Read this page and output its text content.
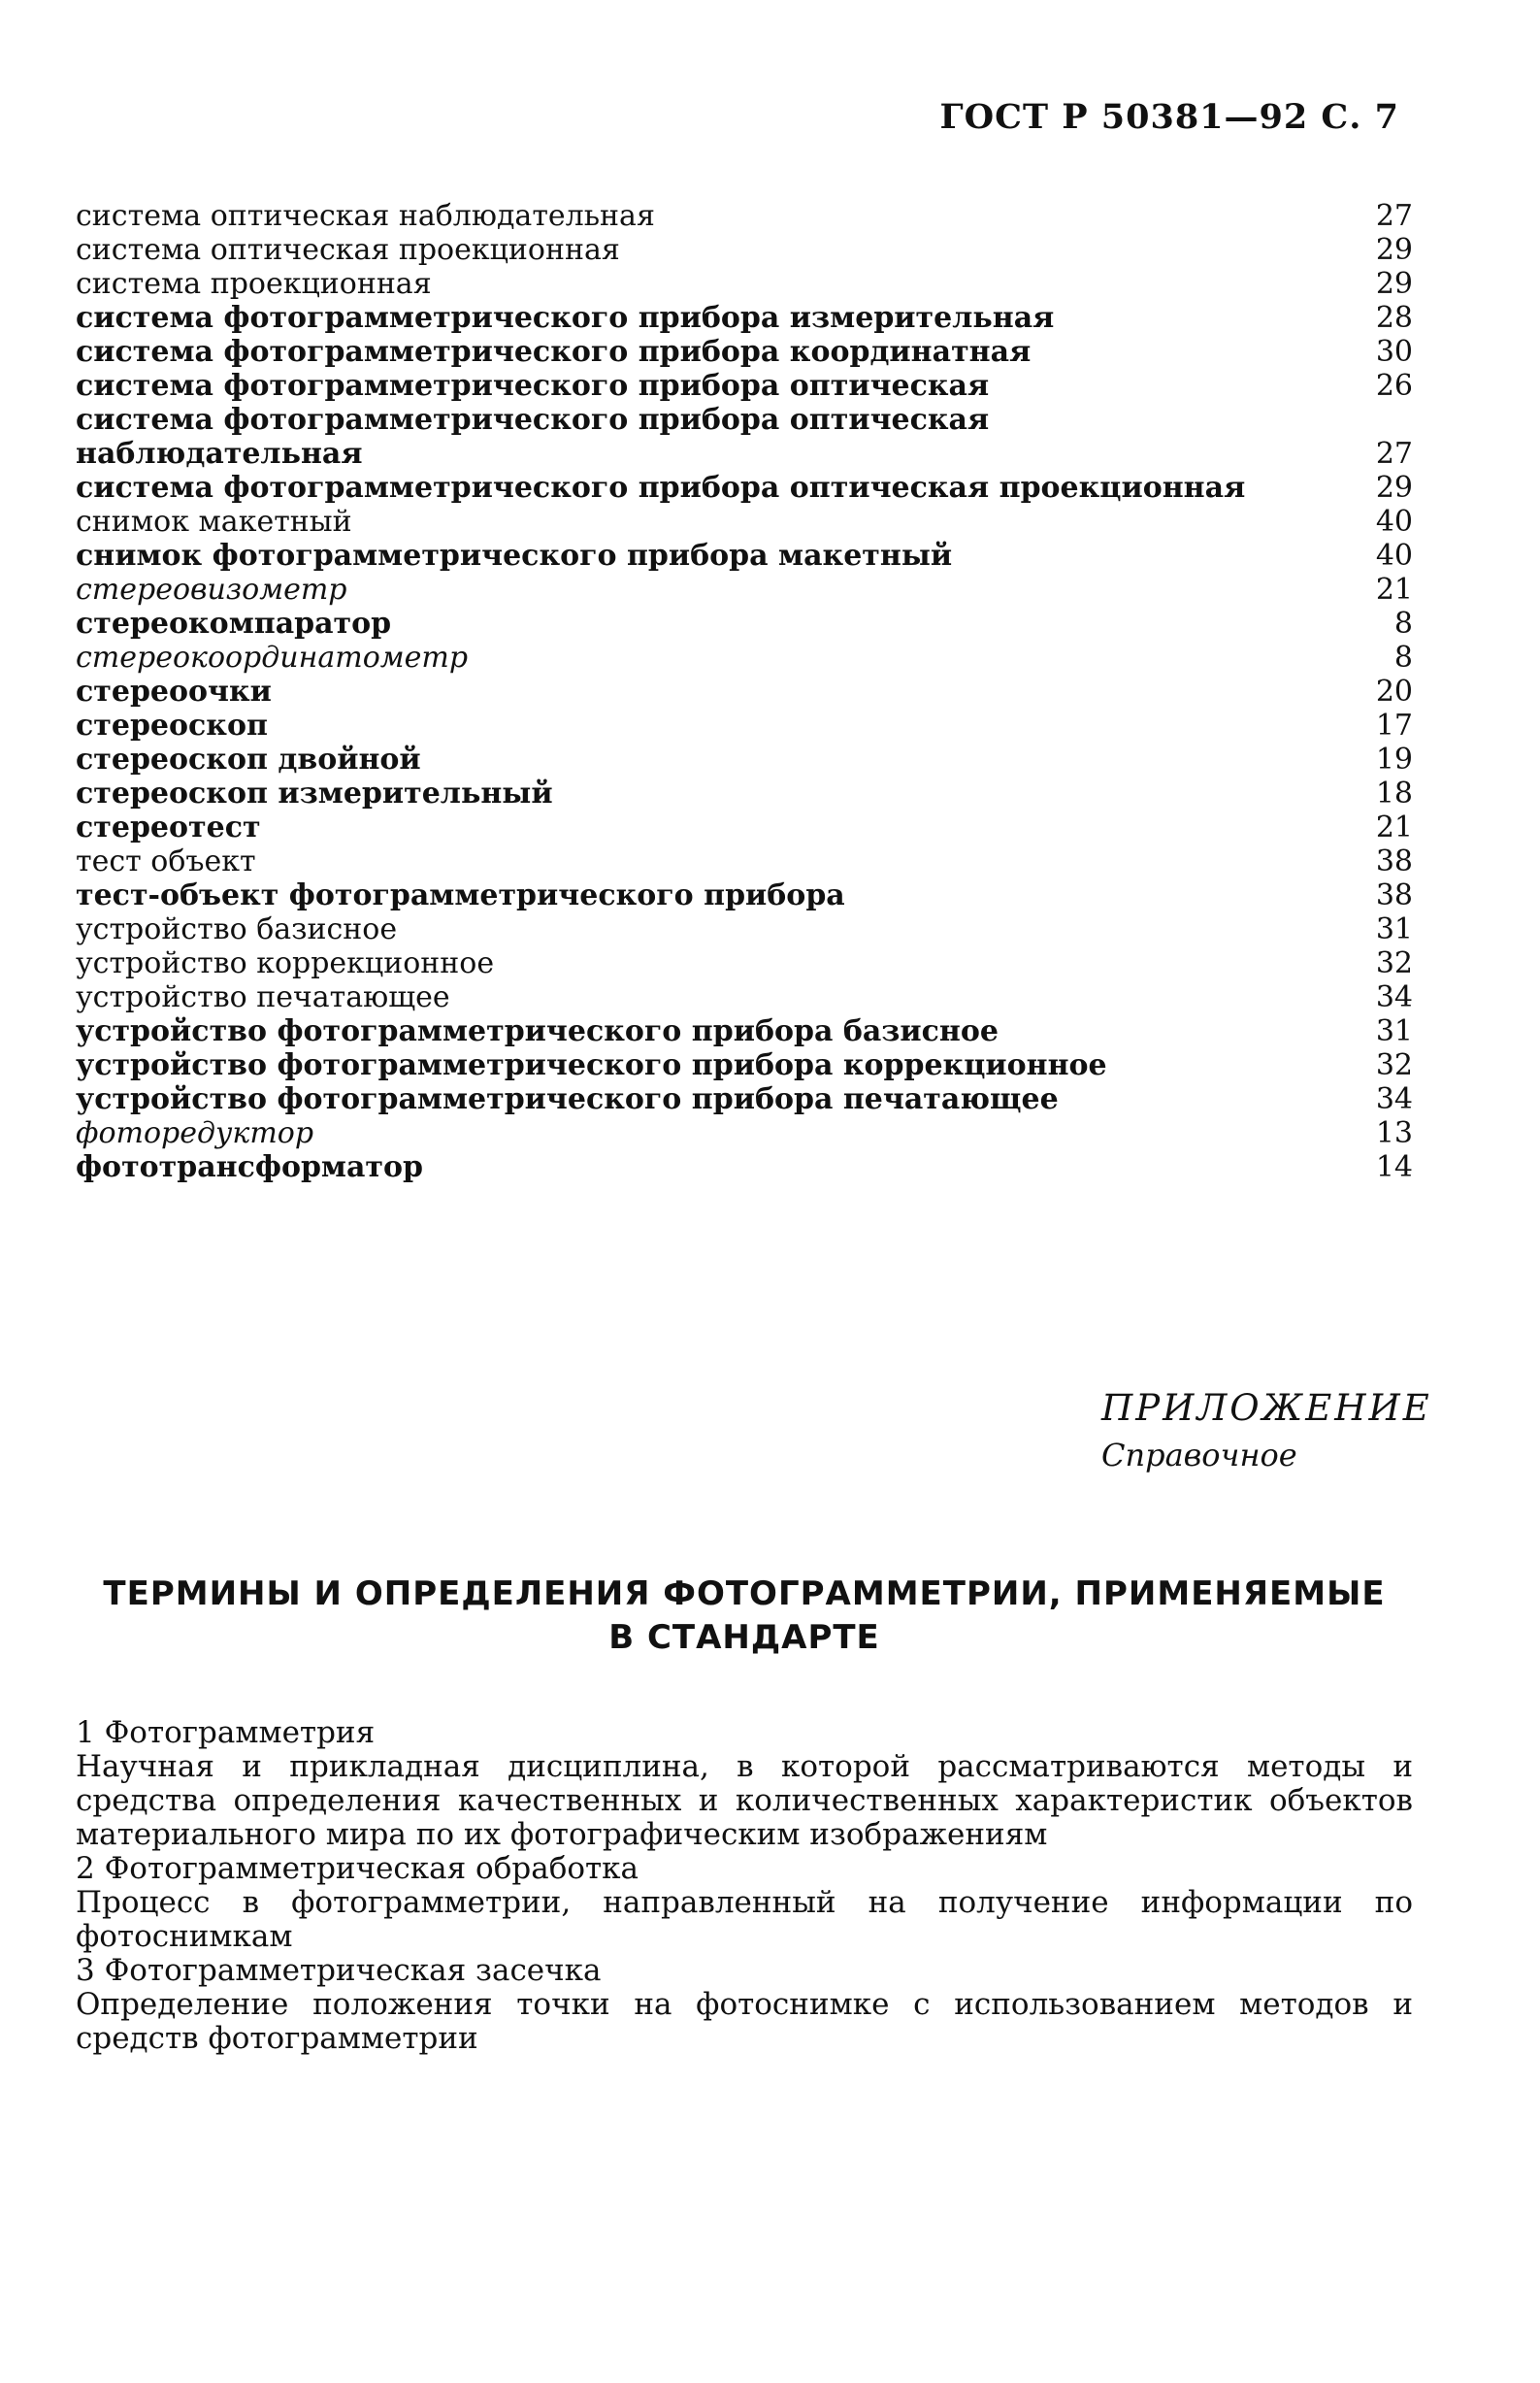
ГОСТ Р 50381—92 С. 7
система оптическая наблюдательная	27
система оптическая проекционная	29
система проекционная	29
система фотограмметрического прибора измерительная	28
система фотограмметрического прибора координатная	30
система фотограмметрического прибора оптическая	26
система фотограмметрического прибора оптическая
наблюдательная	27
система фотограмметрического прибора оптическая проекционная	29
снимок макетный	40
снимок фотограмметрического прибора макетный	40
стереовизометр	21
стереокомпаратор	8
стереокоординатометр	8
стереоочки	20
стереоскоп	17
стереоскоп двойной	19
стереоскоп измерительный	18
стереотест	21
тест объект	38
тест-объект фотограмметрического прибора	38
устройство базисное	31
устройство коррекционное	32
устройство печатающее	34
устройство фотограмметрического прибора базисное	31
устройство фотограмметрического прибора коррекционное	32
устройство фотограмметрического прибора печатающее	34
фоторедуктор	13
фототрансформатор	14
ПРИЛОЖЕНИЕ
Справочное
ТЕРМИНЫ И ОПРЕДЕЛЕНИЯ ФОТОГРАММЕТРИИ, ПРИМЕНЯЕМЫЕ
В СТАНДАРТЕ
1 Фотограмметрия
Научная и прикладная дисциплина, в которой рассматриваются методы и средства определения качественных и количественных характеристик объектов материального мира по их фотографическим изображениям
2 Фотограмметрическая обработка
Процесс в фотограмметрии, направленный на получение информации по фотоснимкам
3 Фотограмметрическая засечка
Определение положения точки на фотоснимке с использованием методов и средств фотограмметрии
